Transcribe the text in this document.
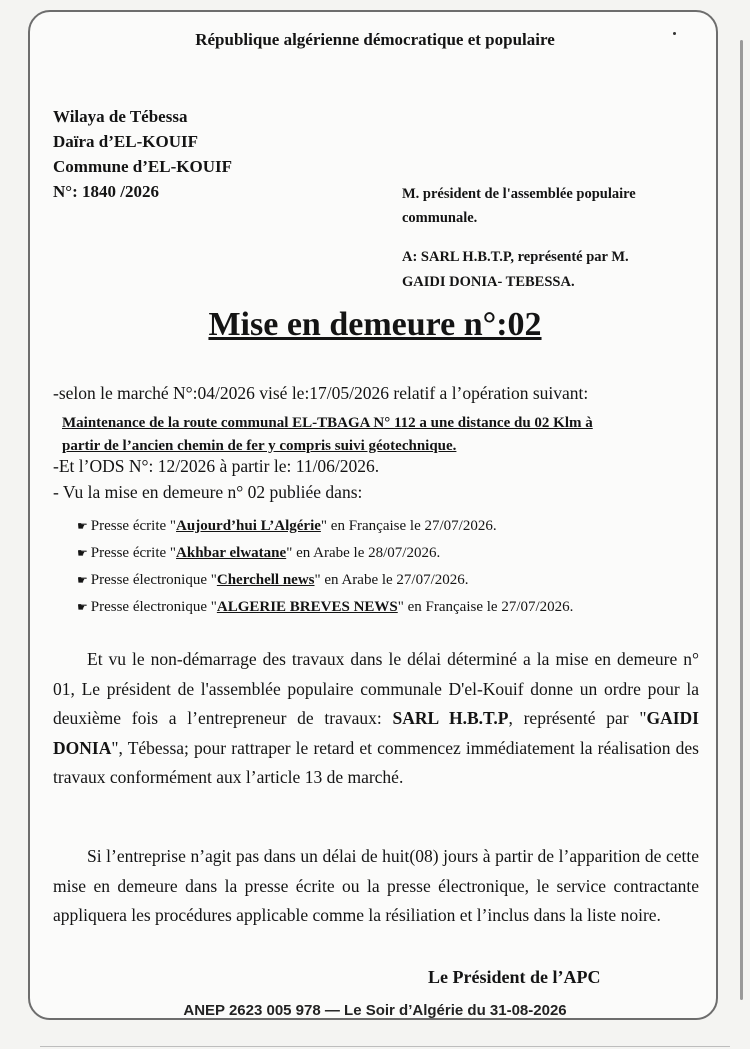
République algérienne démocratique et populaire
Wilaya de Tébessa
Daïra d’EL-KOUIF
Commune d’EL-KOUIF
N°: 1840 /2026	M. président de l'assemblée populaire
communale.
A: SARL H.B.T.P, représenté par M.
GAIDI DONIA- TEBESSA.
Mise en demeure n°:02
-selon le marché N°:04/2026 visé le:17/05/2026 relatif a l’opération suivant:
Maintenance de la route communal EL-TBAGA N° 112 a une distance du 02 Klm à
partir de l’ancien chemin de fer y compris suivi géotechnique.
-Et l’ODS N°: 12/2026 à partir le: 11/06/2026.
- Vu la mise en demeure n° 02 publiée dans:
☛ Presse écrite "Aujourd’hui L’Algérie" en Française le 27/07/2026.
☛ Presse écrite "Akhbar elwatane" en Arabe le 28/07/2026.
☛ Presse électronique "Cherchell news" en Arabe le 27/07/2026.
☛ Presse électronique "ALGERIE BREVES NEWS" en Française le 27/07/2026.

Et vu le non-démarrage des travaux dans le délai déterminé a la mise en demeure n° 01, Le président de l'assemblée populaire communale D'el-Kouif donne un ordre pour la deuxième fois a l’entrepreneur de travaux: SARL H.B.T.P, représenté par "GAIDI DONIA", Tébessa; pour rattraper le retard et commencez immédiatement la réalisation des travaux conformément aux l’article 13 de marché.

Si l’entreprise n’agit pas dans un délai de huit(08) jours à partir de l’apparition de cette mise en demeure dans la presse écrite ou la presse électronique, le service contractante appliquera les procédures applicable comme la résiliation et l’inclus dans la liste noire.

Le Président de l’APC
ANEP 2623 005 978 — Le Soir d’Algérie du 31-08-2026
